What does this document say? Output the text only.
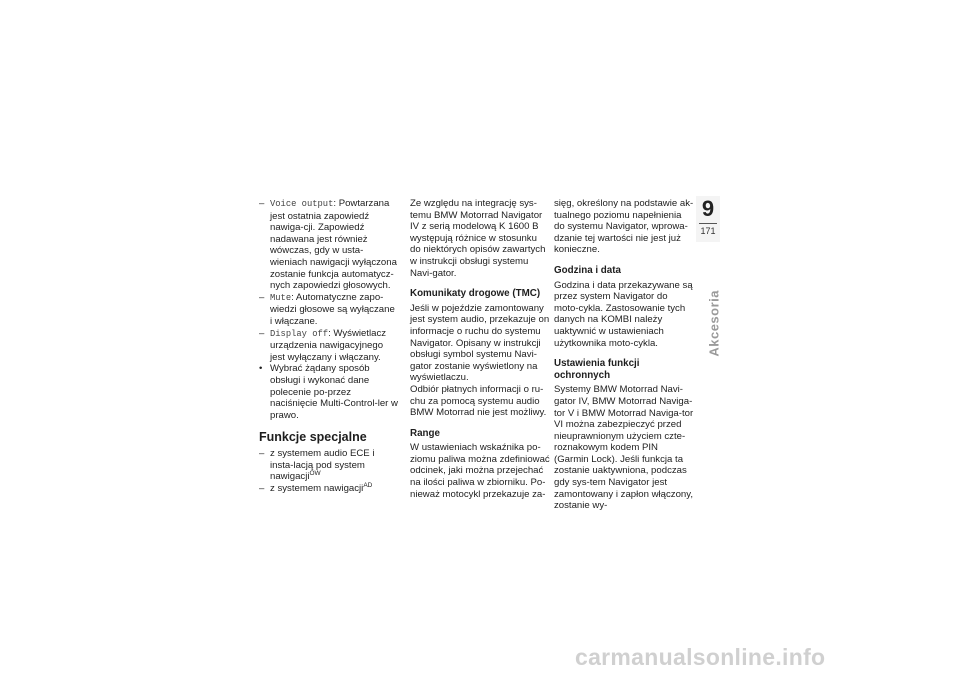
– Voice output: Powtarzana jest ostatnia zapowiedź nawiga-cji. Zapowiedź nadawana jest również wówczas, gdy w usta-wieniach nawigacji wyłączona zostanie funkcja automatycz-nych zapowiedzi głosowych.

– Mute: Automatyczne zapo-wiedzi głosowe są wyłączane i włączane.

– Display off: Wyświetlacz urządzenia nawigacyjnego jest wyłączany i włączany.

• Wybrać żądany sposób obsługi i wykonać dane polecenie po-przez naciśnięcie Multi-Control-ler w prawo.

Funkcje specjalne

– z systemem audio ECE i insta-lacją pod system nawigacji$^{OW}$

– z systemem nawigacji$^{AD}$

Ze względu na integrację sys-temu BMW Motorrad Navigator IV z serią modelową K 1600 B występują różnice w stosunku do niektórych opisów zawartych w instrukcji obsługi systemu Navi-gator.

Komunikaty drogowe (TMC)

Jeśli w pojeździe zamontowany jest system audio, przekazuje on informacje o ruchu do systemu Navigator. Opisany w instrukcji obsługi symbol systemu Navi-gator zostanie wyświetlony na wyświetlaczu.

Odbiór płatnych informacji o ru-chu za pomocą systemu audio BMW Motorrad nie jest możliwy.

Range

W ustawieniach wskaźnika po-ziomu paliwa można zdefiniować odcinek, jaki można przejechać na ilości paliwa w zbiorniku. Po-nieważ motocykl przekazuje za-

sięg, określony na podstawie ak-tualnego poziomu napełnienia do systemu Navigator, wprowa-dzanie tej wartości nie jest już konieczne.

Godzina i data

Godzina i data przekazywane są przez system Navigator do moto-cykla. Zastosowanie tych danych na KOMBI należy uaktywnić w ustawieniach użytkownika moto-cykla.

Ustawienia funkcji ochronnych

Systemy BMW Motorrad Navi-gator IV, BMW Motorrad Naviga-tor V i BMW Motorrad Naviga-tor VI można zabezpieczyć przed nieuprawnionym użyciem czte-roznakowym kodem PIN (Garmin Lock). Jeśli funkcja ta zostanie uaktywniona, podczas gdy sys-tem Navigator jest zamontowany i zapłon włączony, zostanie wy-

9
171
Akcesoria
carmanualsonline.info
